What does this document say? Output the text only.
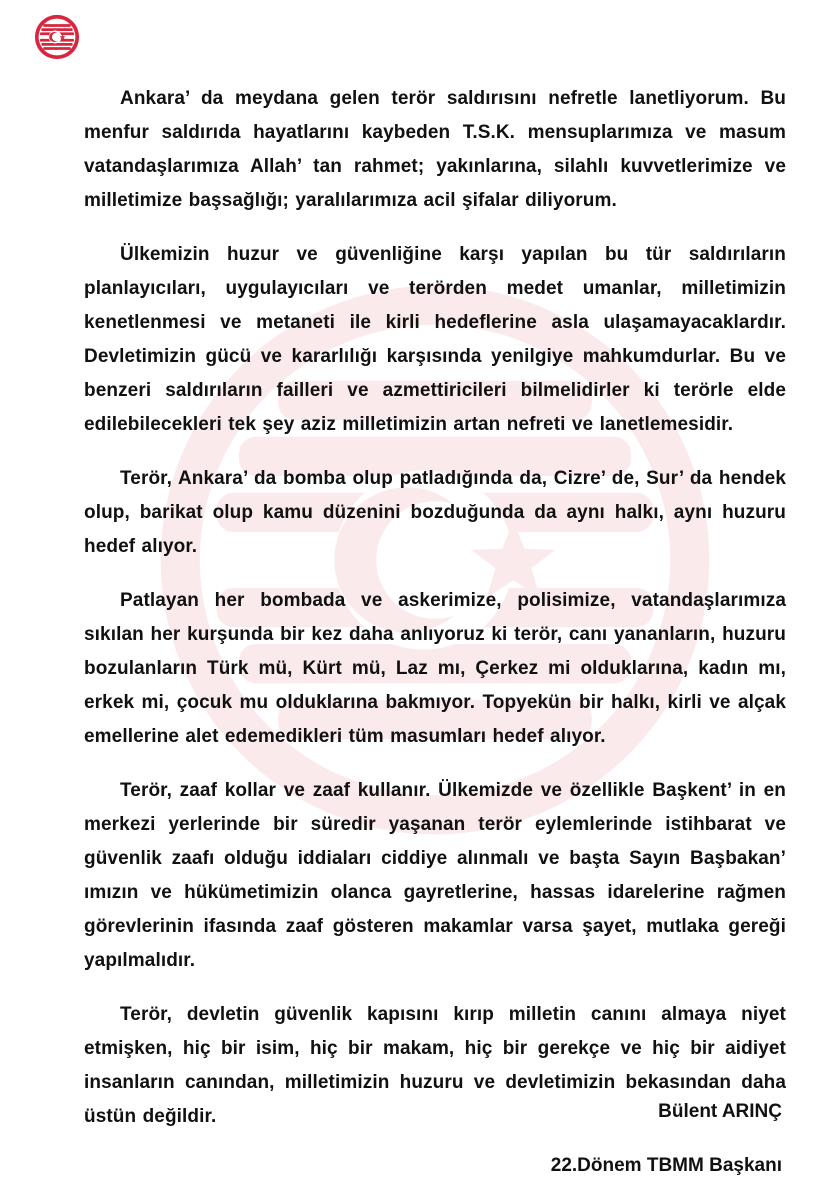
Ankara’ da meydana gelen terör saldırısını nefretle lanetliyorum. Bu menfur saldırıda hayatlarını kaybeden T.S.K. mensuplarımıza ve masum vatandaşlarımıza Allah’ tan rahmet; yakınlarına, silahlı kuvvetlerimize ve milletimize başsağlığı; yaralılarımıza acil şifalar diliyorum.

Ülkemizin huzur ve güvenliğine karşı yapılan bu tür saldırıların planlayıcıları, uygulayıcıları ve terörden medet umanlar, milletimizin kenetlenmesi ve metaneti ile kirli hedeflerine asla ulaşamayacaklardır. Devletimizin gücü ve kararlılığı karşısında yenilgiye mahkumdurlar. Bu ve benzeri saldırıların failleri ve azmettiricileri bilmelidirler ki terörle elde edilebilecekleri tek şey aziz milletimizin artan nefreti ve lanetlemesidir.

Terör, Ankara’ da bomba olup patladığında da, Cizre’ de, Sur’ da hendek olup, barikat olup kamu düzenini bozduğunda da aynı halkı, aynı huzuru hedef alıyor.

Patlayan her bombada ve askerimize, polisimize, vatandaşlarımıza sıkılan her kurşunda bir kez daha anlıyoruz ki terör, canı yananların, huzuru bozulanların Türk mü, Kürt mü, Laz mı, Çerkez mi olduklarına, kadın mı, erkek mi, çocuk mu olduklarına bakmıyor. Topyekün bir halkı, kirli ve alçak emellerine alet edemedikleri tüm masumları hedef alıyor.

Terör, zaaf kollar ve zaaf kullanır. Ülkemizde ve özellikle Başkent’ in en merkezi yerlerinde bir süredir yaşanan terör eylemlerinde istihbarat ve güvenlik zaafı olduğu iddiaları ciddiye alınmalı ve başta Sayın Başbakan’ ımızın ve hükümetimizin olanca gayretlerine, hassas idarelerine rağmen görevlerinin ifasında zaaf gösteren makamlar varsa şayet, mutlaka gereği yapılmalıdır.

Terör, devletin güvenlik kapısını kırıp milletin canını almaya niyet etmişken, hiç bir isim, hiç bir makam, hiç bir gerekçe ve hiç bir aidiyet insanların canından, milletimizin huzuru ve devletimizin bekasından daha üstün değildir.	Bülent ARINÇ
22.Dönem TBMM Başkanı
